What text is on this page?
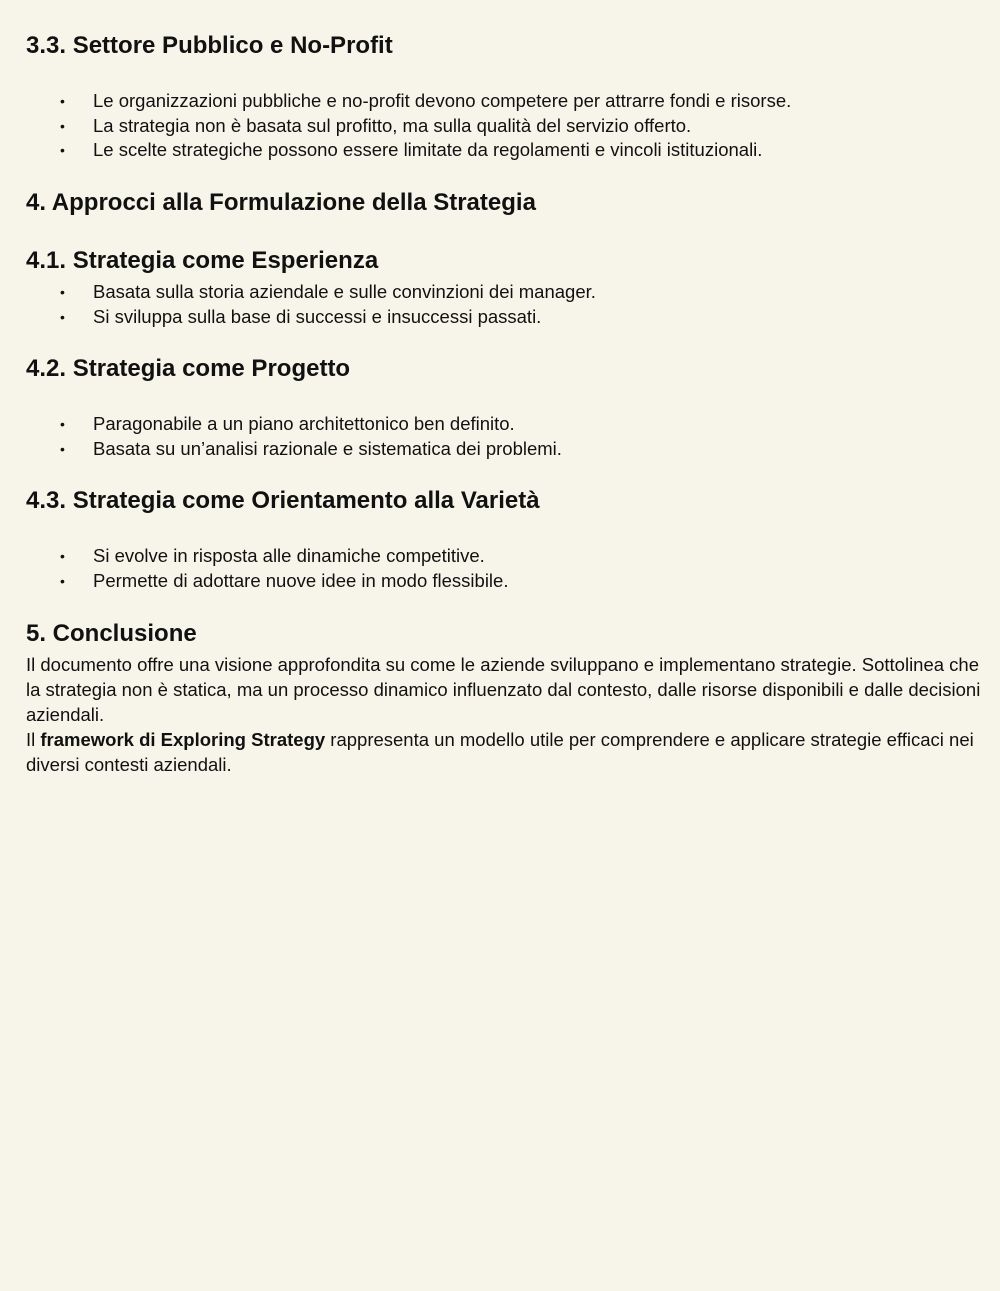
3.3. Settore Pubblico e No-Profit
• Le organizzazioni pubbliche e no-profit devono competere per attrarre fondi e risorse.
• La strategia non è basata sul profitto, ma sulla qualità del servizio offerto.
• Le scelte strategiche possono essere limitate da regolamenti e vincoli istituzionali.
4. Approcci alla Formulazione della Strategia
4.1. Strategia come Esperienza
• Basata sulla storia aziendale e sulle convinzioni dei manager.
• Si sviluppa sulla base di successi e insuccessi passati.
4.2. Strategia come Progetto
• Paragonabile a un piano architettonico ben definito.
• Basata su un’analisi razionale e sistematica dei problemi.
4.3. Strategia come Orientamento alla Varietà
• Si evolve in risposta alle dinamiche competitive.
• Permette di adottare nuove idee in modo flessibile.
5. Conclusione

Il documento offre una visione approfondita su come le aziende sviluppano e implementano strategie. Sottolinea che la strategia non è statica, ma un processo dinamico influenzato dal contesto, dalle risorse disponibili e dalle decisioni aziendali.

Il framework di Exploring Strategy rappresenta un modello utile per comprendere e applicare strategie efficaci nei diversi contesti aziendali.
